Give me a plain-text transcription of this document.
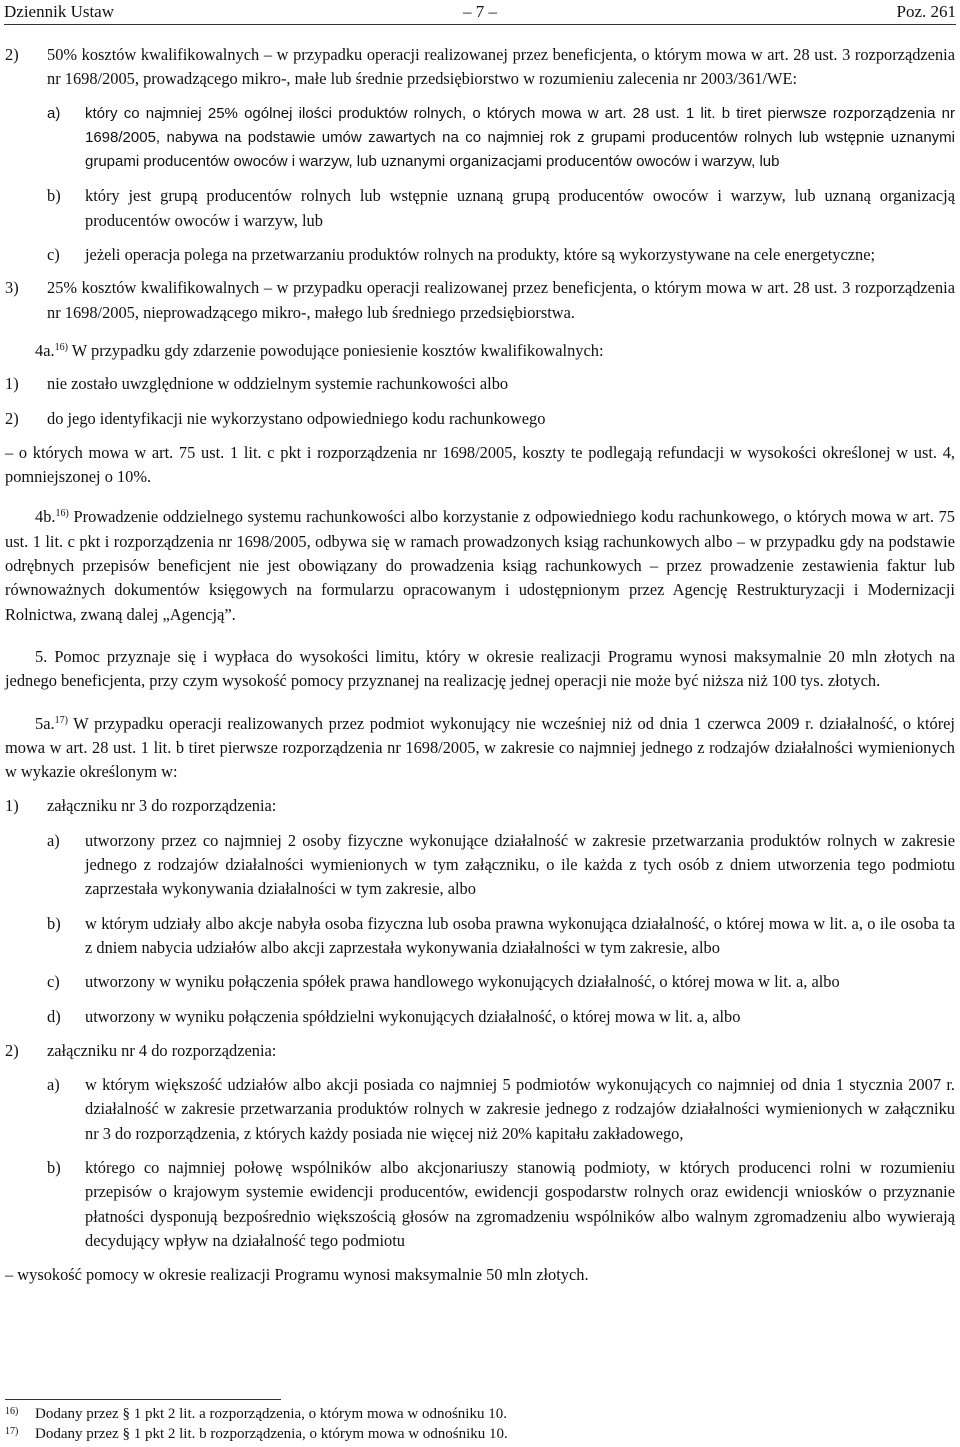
Dziennik Ustaw	– 7 –	Poz. 261
2)	50% kosztów kwalifikowalnych – w przypadku operacji realizowanej przez beneficjenta, o którym mowa w art. 28 ust. 3 rozporządzenia nr 1698/2005, prowadzącego mikro-, małe lub średnie przedsiębiorstwo w rozumieniu zalecenia nr 2003/361/WE:
a)	który co najmniej 25% ogólnej ilości produktów rolnych, o których mowa w art. 28 ust. 1 lit. b tiret pierwsze rozporządzenia nr 1698/2005, nabywa na podstawie umów zawartych na co najmniej rok z grupami producentów rolnych lub wstępnie uznanymi grupami producentów owoców i warzyw, lub uznanymi organizacjami producentów owoców i warzyw, lub
b)	który jest grupą producentów rolnych lub wstępnie uznaną grupą producentów owoców i warzyw, lub uznaną organizacją producentów owoców i warzyw, lub
c)	jeżeli operacja polega na przetwarzaniu produktów rolnych na produkty, które są wykorzystywane na cele energetyczne;
3)	25% kosztów kwalifikowalnych – w przypadku operacji realizowanej przez beneficjenta, o którym mowa w art. 28 ust. 3 rozporządzenia nr 1698/2005, nieprowadzącego mikro-, małego lub średniego przedsiębiorstwa.

4a.$^{16)}$ W przypadku gdy zdarzenie powodujące poniesienie kosztów kwalifikowalnych:

1)	nie zostało uwzględnione w oddzielnym systemie rachunkowości albo
2)	do jego identyfikacji nie wykorzystano odpowiedniego kodu rachunkowego

– o których mowa w art. 75 ust. 1 lit. c pkt i rozporządzenia nr 1698/2005, koszty te podlegają refundacji w wysokości określonej w ust. 4, pomniejszonej o 10%.

4b.$^{16)}$ Prowadzenie oddzielnego systemu rachunkowości albo korzystanie z odpowiedniego kodu rachunkowego, o których mowa w art. 75 ust. 1 lit. c pkt i rozporządzenia nr 1698/2005, odbywa się w ramach prowadzonych ksiąg rachunkowych albo – w przypadku gdy na podstawie odrębnych przepisów beneficjent nie jest obowiązany do prowadzenia ksiąg rachunkowych – przez prowadzenie zestawienia faktur lub równoważnych dokumentów księgowych na formularzu opracowanym i udostępnionym przez Agencję Restrukturyzacji i Modernizacji Rolnictwa, zwaną dalej „Agencją”.

5. Pomoc przyznaje się i wypłaca do wysokości limitu, który w okresie realizacji Programu wynosi maksymalnie 20 mln złotych na jednego beneficjenta, przy czym wysokość pomocy przyznanej na realizację jednej operacji nie może być niższa niż 100 tys. złotych.

5a.$^{17)}$ W przypadku operacji realizowanych przez podmiot wykonujący nie wcześniej niż od dnia 1 czerwca 2009 r. działalność, o której mowa w art. 28 ust. 1 lit. b tiret pierwsze rozporządzenia nr 1698/2005, w zakresie co najmniej jednego z rodzajów działalności wymienionych w wykazie określonym w:

1)	załączniku nr 3 do rozporządzenia:
a)	utworzony przez co najmniej 2 osoby fizyczne wykonujące działalność w zakresie przetwarzania produktów rolnych w zakresie jednego z rodzajów działalności wymienionych w tym załączniku, o ile każda z tych osób z dniem utworzenia tego podmiotu zaprzestała wykonywania działalności w tym zakresie, albo
b)	w którym udziały albo akcje nabyła osoba fizyczna lub osoba prawna wykonująca działalność, o której mowa w lit. a, o ile osoba ta z dniem nabycia udziałów albo akcji zaprzestała wykonywania działalności w tym zakresie, albo
c)	utworzony w wyniku połączenia spółek prawa handlowego wykonujących działalność, o której mowa w lit. a, albo
d)	utworzony w wyniku połączenia spółdzielni wykonujących działalność, o której mowa w lit. a, albo
2)	załączniku nr 4 do rozporządzenia:
a)	w którym większość udziałów albo akcji posiada co najmniej 5 podmiotów wykonujących co najmniej od dnia 1 stycznia 2007 r. działalność w zakresie przetwarzania produktów rolnych w zakresie jednego z rodzajów działalności wymienionych w załączniku nr 3 do rozporządzenia, z których każdy posiada nie więcej niż 20% kapitału zakładowego,
b)	którego co najmniej połowę wspólników albo akcjonariuszy stanowią podmioty, w których producenci rolni w rozumieniu przepisów o krajowym systemie ewidencji producentów, ewidencji gospodarstw rolnych oraz ewidencji wniosków o przyznanie płatności dysponują bezpośrednio większością głosów na zgromadzeniu wspólników albo walnym zgromadzeniu albo wywierają decydujący wpływ na działalność tego podmiotu

– wysokość pomocy w okresie realizacji Programu wynosi maksymalnie 50 mln złotych.

16)	Dodany przez § 1 pkt 2 lit. a rozporządzenia, o którym mowa w odnośniku 10.
17)	Dodany przez § 1 pkt 2 lit. b rozporządzenia, o którym mowa w odnośniku 10.
